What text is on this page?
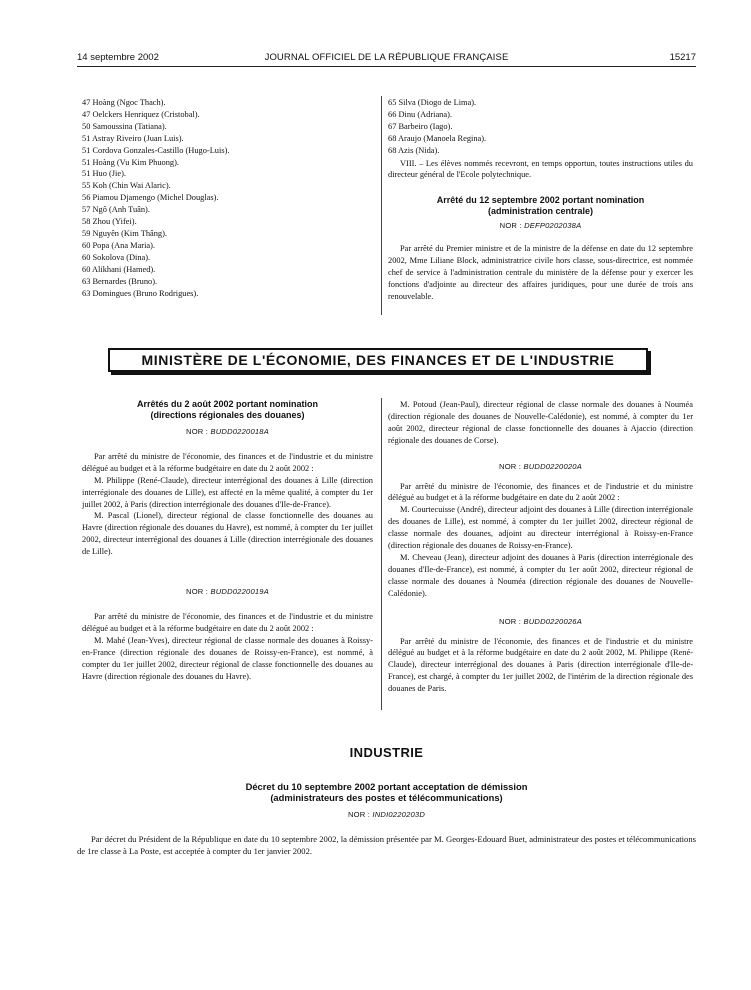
14 septembre 2002	JOURNAL OFFICIEL DE LA RÉPUBLIQUE FRANÇAISE	15217
47 Hoàng (Ngoc Thach).
47 Oelckers Henriquez (Cristobal).
50 Samoussina (Tatiana).
51 Astray Riveiro (Juan Luis).
51 Cordova Gonzales-Castillo (Hugo-Luis).
51 Hoàng (Vu Kim Phuong).
51 Huo (Jie).
55 Koh (Chin Wai Alaric).
56 Piamou Djamengo (Michel Douglas).
57 Ngô (Anh Tuân).
58 Zhou (Yifei).
59 Nguyên (Kim Thâng).
60 Popa (Ana Maria).
60 Sokolova (Dina).
60 Alikhani (Hamed).
63 Bernardes (Bruno).
63 Domingues (Bruno Rodrigues).
65 Silva (Diogo de Lima).
66 Dinu (Adriana).
67 Barbeiro (Iago).
68 Araujo (Manoela Regina).
68 Azis (Nida).

VIII. – Les élèves nommés recevront, en temps opportun, toutes instructions utiles du directeur général de l'Ecole polytechnique.

Arrêté du 12 septembre 2002 portant nomination
(administration centrale)
NOR : DEFP0202038A

Par arrêté du Premier ministre et de la ministre de la défense en date du 12 septembre 2002, Mme Liliane Block, administratrice civile hors classe, sous-directrice, est nommée chef de service à l'administration centrale du ministère de la défense pour y exercer les fonctions d'adjointe au directeur des affaires juridiques, pour une durée de trois ans renouvelable.

MINISTÈRE DE L'ÉCONOMIE, DES FINANCES ET DE L'INDUSTRIE
Arrêtés du 2 août 2002 portant nomination
(directions régionales des douanes)
NOR : BUDD0220018A

Par arrêté du ministre de l'économie, des finances et de l'industrie et du ministre délégué au budget et à la réforme budgétaire en date du 2 août 2002 :

M. Philippe (René-Claude), directeur interrégional des douanes à Lille (direction interrégionale des douanes de Lille), est affecté en la même qualité, à compter du 1er juillet 2002, à Paris (direction interrégionale des douanes d'Ile-de-France).

M. Pascal (Lionel), directeur régional de classe fonctionnelle des douanes au Havre (direction régionale des douanes du Havre), est nommé, à compter du 1er juillet 2002, directeur interrégional des douanes à Lille (direction interrégionale des douanes de Lille).

NOR : BUDD0220019A

Par arrêté du ministre de l'économie, des finances et de l'industrie et du ministre délégué au budget et à la réforme budgétaire en date du 2 août 2002 :

M. Mahé (Jean-Yves), directeur régional de classe normale des douanes à Roissy-en-France (direction régionale des douanes de Roissy-en-France), est nommé, à compter du 1er juillet 2002, directeur régional de classe fonctionnelle des douanes au Havre (direction régionale des douanes du Havre).

M. Potoud (Jean-Paul), directeur régional de classe normale des douanes à Nouméa (direction régionale des douanes de Nouvelle-Calédonie), est nommé, à compter du 1er août 2002, directeur régional de classe fonctionnelle des douanes à Ajaccio (direction régionale des douanes de Corse).

NOR : BUDD0220020A

Par arrêté du ministre de l'économie, des finances et de l'industrie et du ministre délégué au budget et à la réforme budgétaire en date du 2 août 2002 :

M. Courtecuisse (André), directeur adjoint des douanes à Lille (direction interrégionale des douanes de Lille), est nommé, à compter du 1er juillet 2002, directeur régional de classe normale des douanes, adjoint au directeur interrégional à Roissy-en-France (direction régionale des douanes de Roissy-en-France).

M. Cheveau (Jean), directeur adjoint des douanes à Paris (direction interrégionale des douanes d'Ile-de-France), est nommé, à compter du 1er août 2002, directeur régional de classe normale des douanes à Nouméa (direction régionale des douanes de Nouvelle-Calédonie).

NOR : BUDD0220026A

Par arrêté du ministre de l'économie, des finances et de l'industrie et du ministre délégué au budget et à la réforme budgétaire en date du 2 août 2002, M. Philippe (René-Claude), directeur interrégional des douanes à Paris (direction interrégionale d'Ile-de-France), est chargé, à compter du 1er juillet 2002, de l'intérim de la direction régionale des douanes de Paris.

INDUSTRIE
Décret du 10 septembre 2002 portant acceptation de démission
(administrateurs des postes et télécommunications)
NOR : INDI0220203D

Par décret du Président de la République en date du 10 septembre 2002, la démission présentée par M. Georges-Edouard Buet, administrateur des postes et télécommunications de 1re classe à La Poste, est acceptée à compter du 1er janvier 2002.
